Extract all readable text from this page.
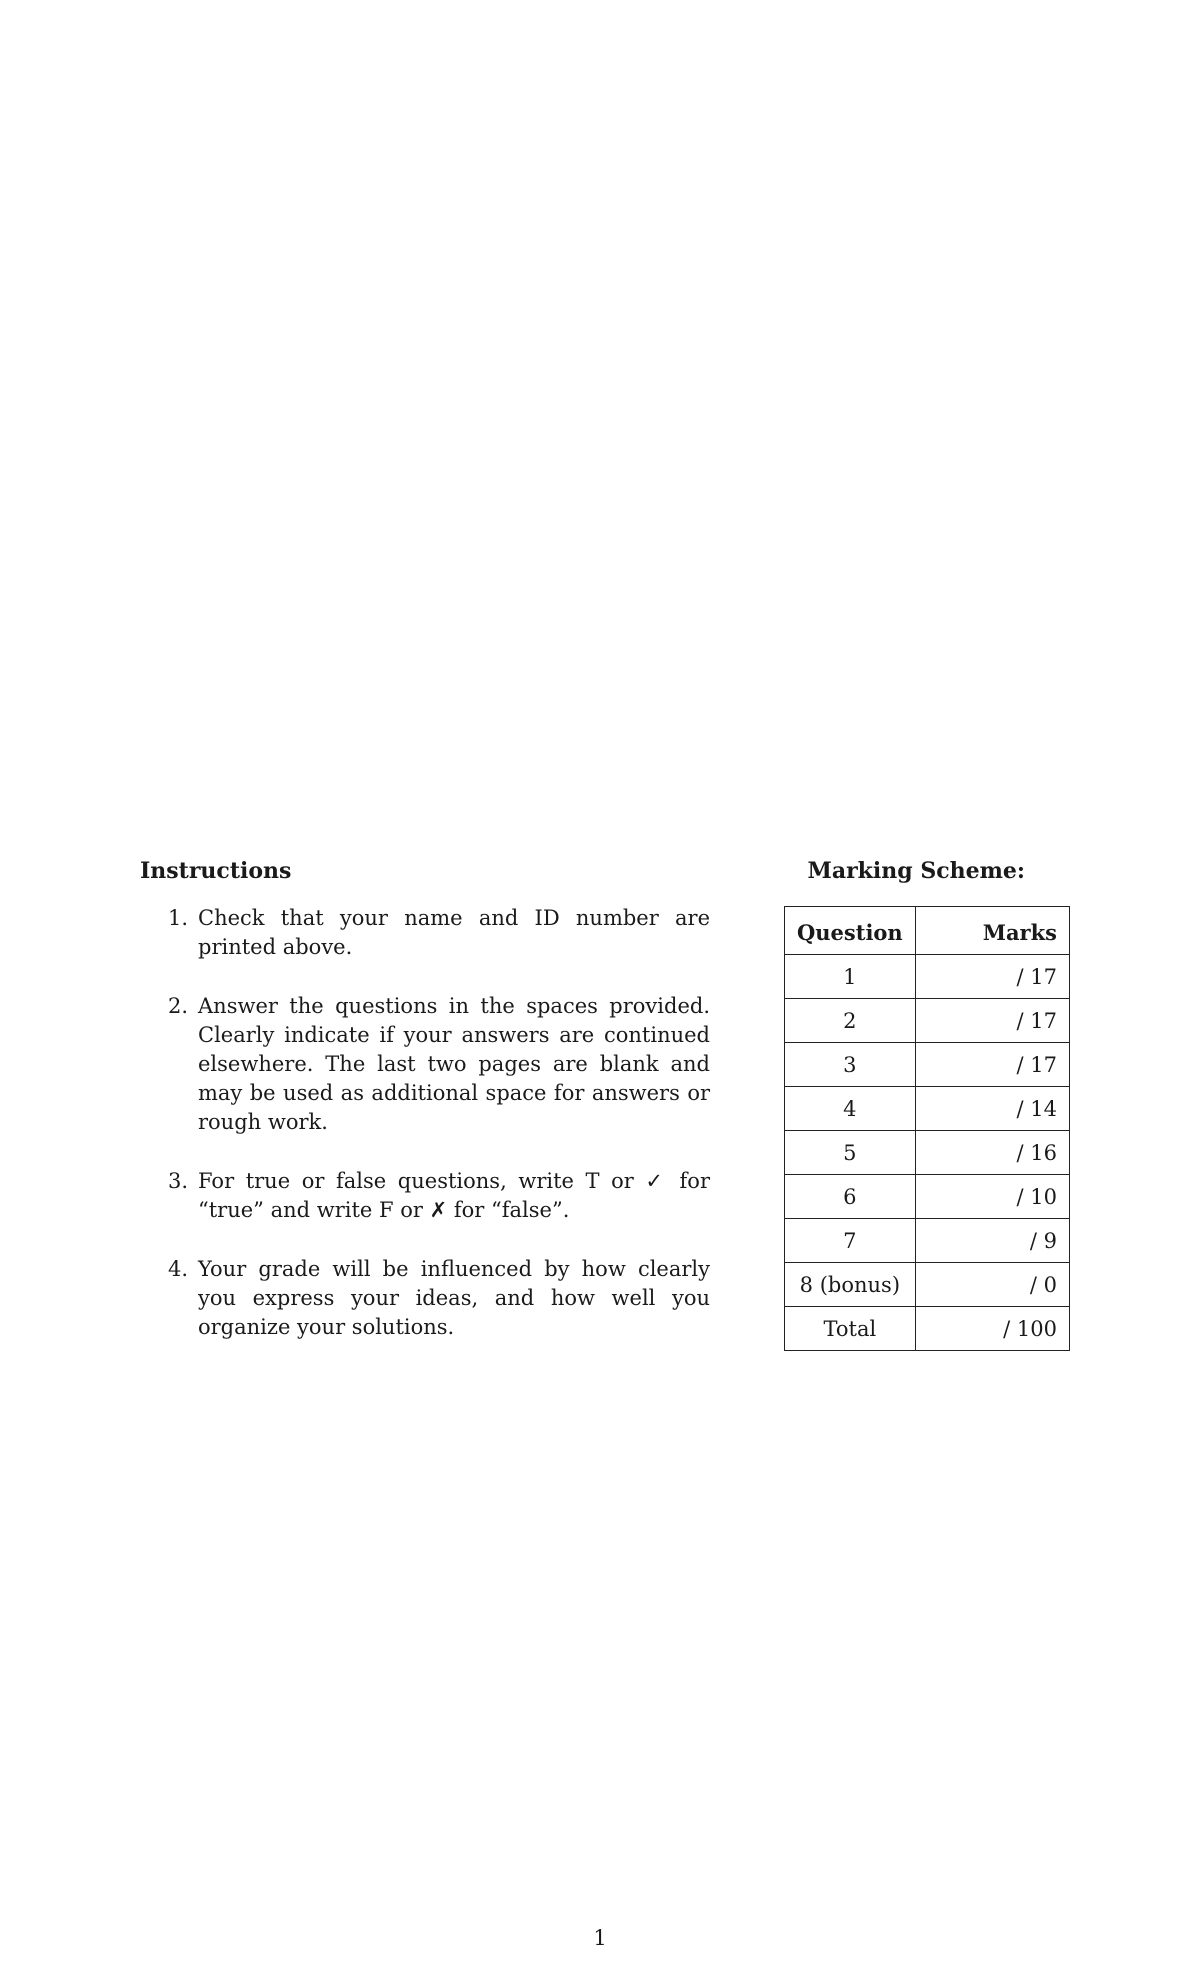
Instructions
1. Check that your name and ID number are printed above.
2. Answer the questions in the spaces provided. Clearly indicate if your answers are continued elsewhere. The last two pages are blank and may be used as additional space for answers or rough work.
3. For true or false questions, write T or ✓ for “true” and write F or ✗ for “false”.
4. Your grade will be influenced by how clearly you express your ideas, and how well you organize your solutions.
Marking Scheme:
Question	Marks
1	/ 17
2	/ 17
3	/ 17
4	/ 14
5	/ 16
6	/ 10
7	/ 9
8 (bonus)	/ 0
Total	/ 100
1
